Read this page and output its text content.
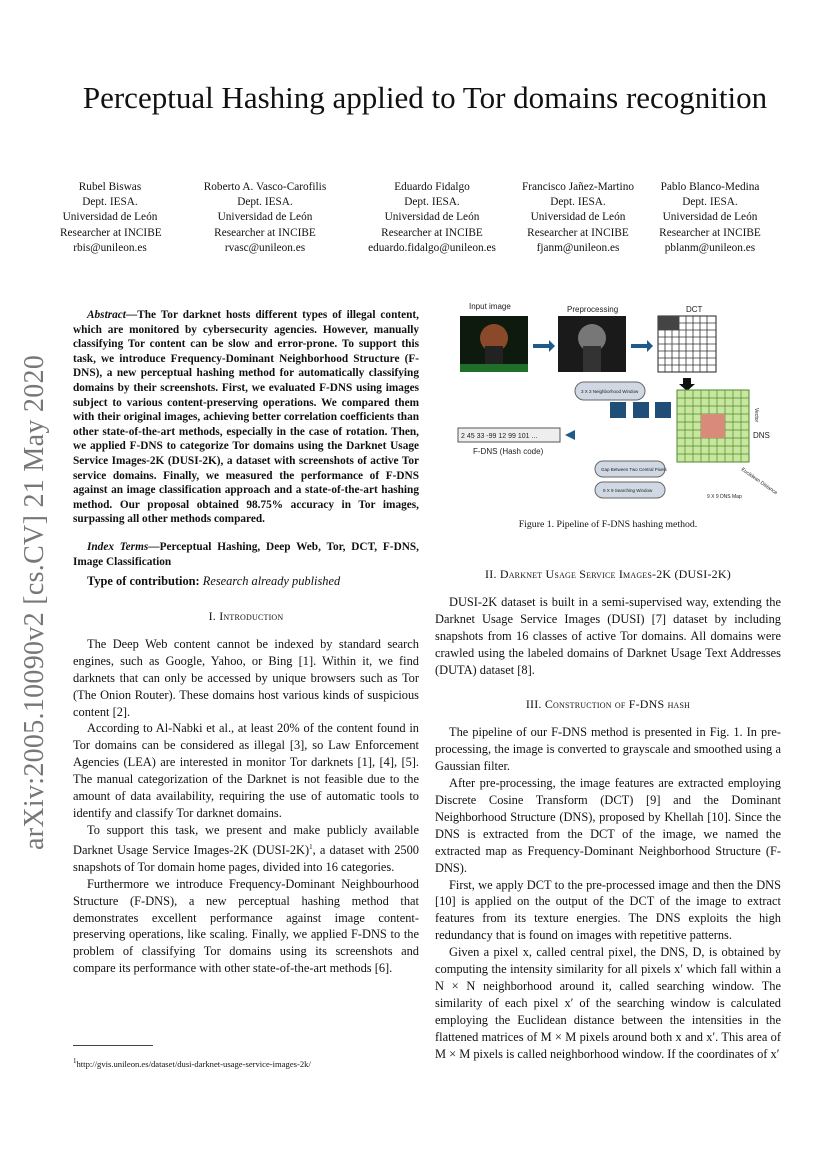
Perceptual Hashing applied to Tor domains recognition
Rubel Biswas
Dept. IESA.
Universidad de León
Researcher at INCIBE
rbis@unileon.es
Roberto A. Vasco-Carofilis
Dept. IESA.
Universidad de León
Researcher at INCIBE
rvasc@unileon.es
Eduardo Fidalgo
Dept. IESA.
Universidad de León
Researcher at INCIBE
eduardo.fidalgo@unileon.es
Francisco Jañez-Martino
Dept. IESA.
Universidad de León
Researcher at INCIBE
fjanm@unileon.es
Pablo Blanco-Medina
Dept. IESA.
Universidad de León
Researcher at INCIBE
pblanm@unileon.es
arXiv:2005.10090v2 [cs.CV] 21 May 2020

Abstract—The Tor darknet hosts different types of illegal content, which are monitored by cybersecurity agencies. However, manually classifying Tor content can be slow and error-prone. To support this task, we introduce Frequency-Dominant Neighborhood Structure (F-DNS), a new perceptual hashing method for automatically classifying domains by their screenshots. First, we evaluated F-DNS using images subject to various content-preserving operations. We compared them with their original images, achieving better correlation coefficients than other state-of-the-art methods, especially in the case of rotation. Then, we applied F-DNS to categorize Tor domains using the Darknet Usage Service Images-2K (DUSI-2K), a dataset with screenshots of active Tor service domains. Finally, we measured the performance of F-DNS against an image classification approach and a state-of-the-art hashing method. Our proposal obtained 98.75% accuracy in Tor images, surpassing all other methods compared.

Index Terms—Perceptual Hashing, Deep Web, Tor, DCT, F-DNS, Image Classification

Type of contribution: Research already published

I. Introduction

The Deep Web content cannot be indexed by standard search engines, such as Google, Yahoo, or Bing [1]. Within it, we find darknets that can only be accessed by unique browsers such as Tor (The Onion Router). These domains host various kinds of suspicious content [2].

According to Al-Nabki et al., at least 20% of the content found in Tor domains can be considered as illegal [3], so Law Enforcement Agencies (LEA) are interested in monitor Tor darknets [1], [4], [5]. The manual categorization of the Darknet is not feasible due to the amount of data availability, requiring the use of automatic tools to identify and classify Tor darknet domains.

To support this task, we present and make publicly available Darknet Usage Service Images-2K (DUSI-2K)$^1$, a dataset with 2500 snapshots of Tor domain home pages, divided into 16 categories.

Furthermore we introduce Frequency-Dominant Neighbourhood Structure (F-DNS), a new perceptual hashing method that demonstrates excellent performance against image content-preserving operations, like scaling. Finally, we applied F-DNS to the problem of classifying Tor domains using its screenshots and compare its performance with other state-of-the-art methods [6].

$^1$http://gvis.unileon.es/dataset/dusi-darknet-usage-service-images-2k/
Input image	Preprocessing	DCT
3 X 3 Neighborhood Window
DNS
Vector
Euclidean Distance
2 45 33 -99 12 99 101 ...
F-DNS (Hash code)
Gap Between Two Central Pixels
9 X 9 Searching Window
9 X 9 DNS Map
Figure 1. Pipeline of F-DNS hashing method.

II. Darknet Usage Service Images-2K (DUSI-2K)

DUSI-2K dataset is built in a semi-supervised way, extending the Darknet Usage Service Images (DUSI) [7] dataset by including snapshots from 16 classes of active Tor domains. All domains were crawled using the labeled domains of Darknet Usage Text Addresses (DUTA) dataset [8].

III. Construction of F-DNS hash

The pipeline of our F-DNS method is presented in Fig. 1. In pre-processing, the image is converted to grayscale and smoothed using a Gaussian filter.

After pre-processing, the image features are extracted employing Discrete Cosine Transform (DCT) [9] and the Dominant Neighborhood Structure (DNS), proposed by Khellah [10]. Since the DNS is extracted from the DCT of the image, we named the extracted map as Frequency-Dominant Neighborhood Structure (F-DNS).

First, we apply DCT to the pre-processed image and then the DNS [10] is applied on the output of the DCT of the image to extract features from its texture energies. The DNS exploits the high redundancy that is found on images with repetitive patterns.

Given a pixel x, called central pixel, the DNS, D, is obtained by computing the intensity similarity for all pixels x′ which fall within a N × N neighborhood around it, called searching window. The similarity of each pixel x′ of the searching window is calculated employing the Euclidean distance between the intensities in the flattened matrices of M × M pixels around both x and x′. This area of M × M pixels is called neighborhood window. If the coordinates of x′
